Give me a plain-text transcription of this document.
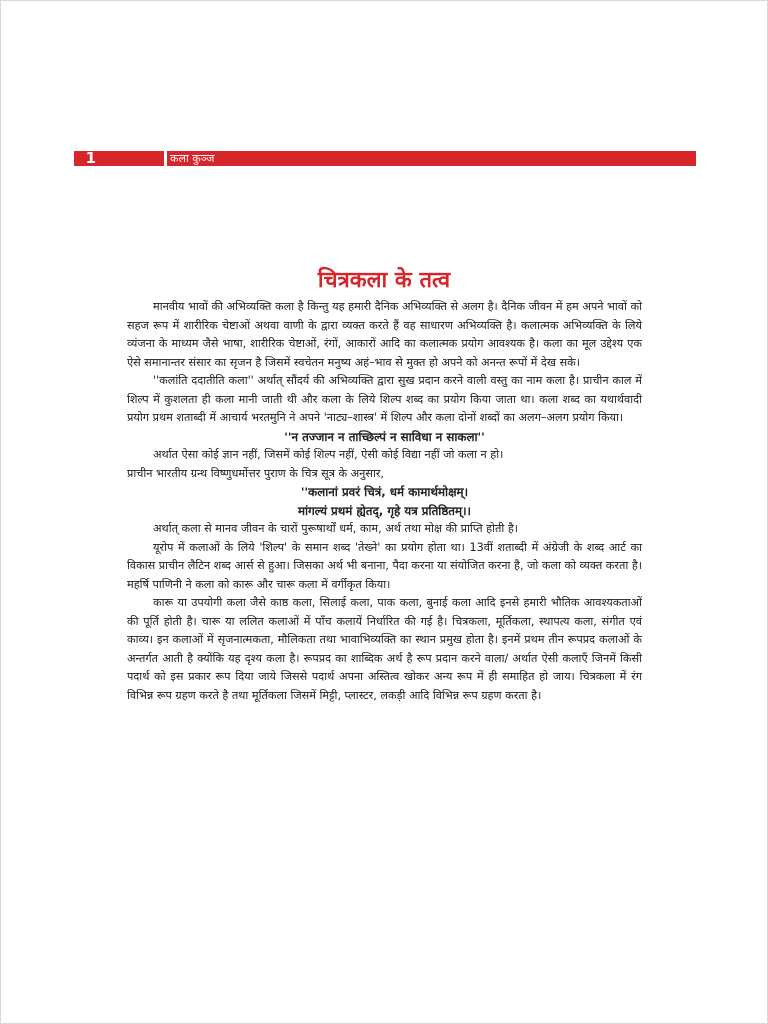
1	कला कुञ्ज
चित्रकला के तत्व

मानवीय भावों की अभिव्यक्ति कला है किन्तु यह हमारी दैनिक अभिव्यक्ति से अलग है। दैनिक जीवन में हम अपने भावों को सहज रूप में शारीरिक चेष्टाओं अथवा वाणी के द्वारा व्यक्त करते हैं वह साधारण अभिव्यक्ति है। कलात्मक अभिव्यक्ति के लिये व्यंजना के माध्यम जैसे भाषा, शारीरिक चेष्टाओं, रंगों, आकारों आदि का कलात्मक प्रयोग आवश्यक है। कला का मूल उद्देश्य एक ऐसे समानान्तर संसार का सृजन है जिसमें स्वचेतन मनुष्य अहं–भाव से मुक्त हो अपने को अनन्त रूपों में देख सके।

''कलांति ददातीति कला'' अर्थात् सौंदर्य की अभिव्यक्ति द्वारा सुख प्रदान करने वाली वस्तु का नाम कला है। प्राचीन काल में शिल्प में कुशलता ही कला मानी जाती थी और कला के लिये शिल्प शब्द का प्रयोग किया जाता था। कला शब्द का यथार्थवादी प्रयोग प्रथम शताब्दी में आचार्य भरतमुनि ने अपने 'नाट्य–शास्त्र' में शिल्प और कला दोनों शब्दों का अलग–अलग प्रयोग किया।

''न तज्जान न ताच्छिल्पं न साविधा न साकला''

अर्थात ऐसा कोई ज्ञान नहीं, जिसमें कोई शिल्प नहीं, ऐसी कोई विद्या नहीं जो कला न हो।

प्राचीन भारतीय ग्रन्थ विष्णुधर्मोत्तर पुराण के चित्र सूत्र के अनुसार,

''कलानां प्रवरं चित्रं, धर्म कामार्थमोक्षम्।

मांगल्यं प्रथमं ह्येतद्, गृहे यत्र प्रतिष्ठितम्।।

अर्थात् कला से मानव जीवन के चारों पुरूषार्थों धर्म, काम, अर्थ तथा मोक्ष की प्राप्ति होती है।

यूरोप में कलाओं के लिये 'शिल्प' के समान शब्द 'तेख्ने' का प्रयोग होता था। 13वीं शताब्दी में अंग्रेजी के शब्द आर्ट का विकास प्राचीन लैटिन शब्द आर्स से हुआ। जिसका अर्थ भी बनाना, पैदा करना या संयोजित करना है, जो कला को व्यक्त करता है। महर्षि पाणिनी ने कला को कारू और चारू कला में वर्गीकृत किया।

कारू या उपयोगी कला जैसे काष्ठ कला, सिलाई कला, पाक कला, बुनाई कला आदि इनसे हमारी भौतिक आवश्यकताओं की पूर्ति होती है। चारू या ललित कलाओं में पाँच कलायें निर्धारित की गई है। चित्रकला, मूर्तिकला, स्थापत्य कला, संगीत एवं काव्य। इन कलाओं में सृजनात्मकता, मौलिकता तथा भावाभिव्यक्ति का स्थान प्रमुख होता है। इनमें प्रथम तीन रूपप्रद कलाओं के अन्तर्गत आती है क्योंकि यह दृश्य कला है। रूपप्रद का शाब्दिक अर्थ है रूप प्रदान करने वाला/ अर्थात ऐसी कलाएँ जिनमें किसी पदार्थ को इस प्रकार रूप दिया जाये जिससे पदार्थ अपना अस्तित्व खोकर अन्य रूप में ही समाहित हो जाय। चित्रकला में रंग विभिन्न रूप ग्रहण करते है तथा मूर्तिकला जिसमें मिट्टी, प्लास्टर, लकड़ी आदि विभिन्न रूप ग्रहण करता है।
